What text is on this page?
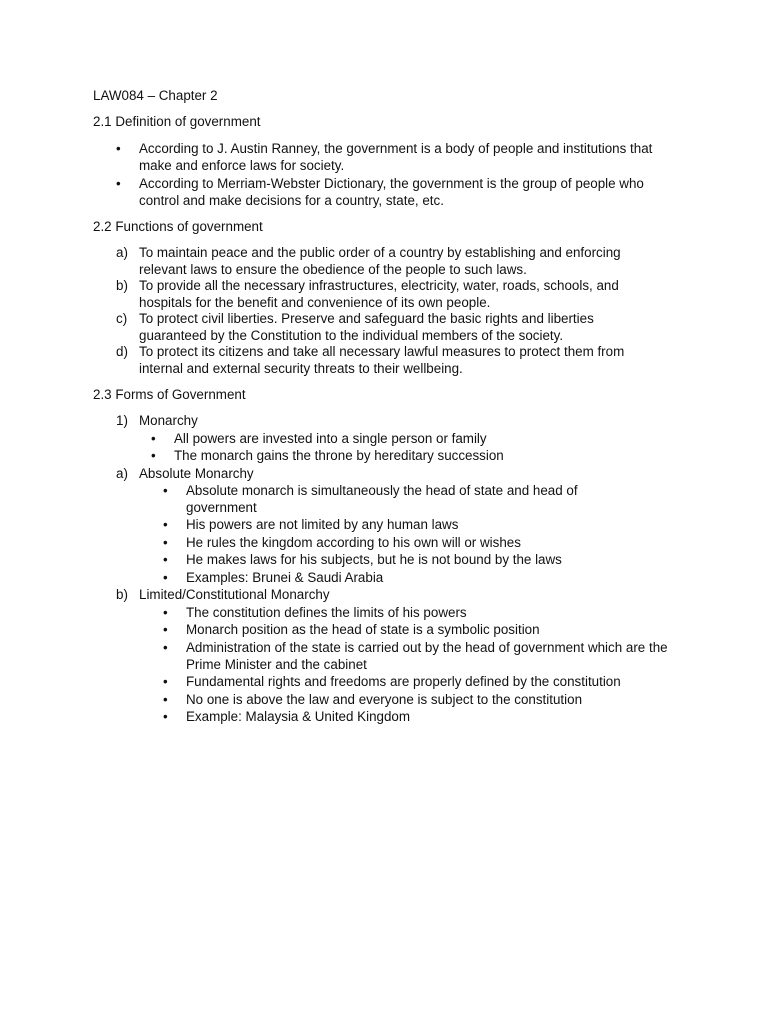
LAW084 – Chapter 2
2.1 Definition of government
• According to J. Austin Ranney, the government is a body of people and institutions that make and enforce laws for society.
• According to Merriam-Webster Dictionary, the government is the group of people who control and make decisions for a country, state, etc.
2.2 Functions of government
a) To maintain peace and the public order of a country by establishing and enforcing relevant laws to ensure the obedience of the people to such laws.
b) To provide all the necessary infrastructures, electricity, water, roads, schools, and hospitals for the benefit and convenience of its own people.
c) To protect civil liberties. Preserve and safeguard the basic rights and liberties guaranteed by the Constitution to the individual members of the society.
d) To protect its citizens and take all necessary lawful measures to protect them from internal and external security threats to their wellbeing.
2.3 Forms of Government
1) Monarchy
• All powers are invested into a single person or family
• The monarch gains the throne by hereditary succession
a) Absolute Monarchy
• Absolute monarch is simultaneously the head of state and head of government
• His powers are not limited by any human laws
• He rules the kingdom according to his own will or wishes
• He makes laws for his subjects, but he is not bound by the laws
• Examples: Brunei & Saudi Arabia
b) Limited/Constitutional Monarchy
• The constitution defines the limits of his powers
• Monarch position as the head of state is a symbolic position
• Administration of the state is carried out by the head of government which are the Prime Minister and the cabinet
• Fundamental rights and freedoms are properly defined by the constitution
• No one is above the law and everyone is subject to the constitution
• Example: Malaysia & United Kingdom
